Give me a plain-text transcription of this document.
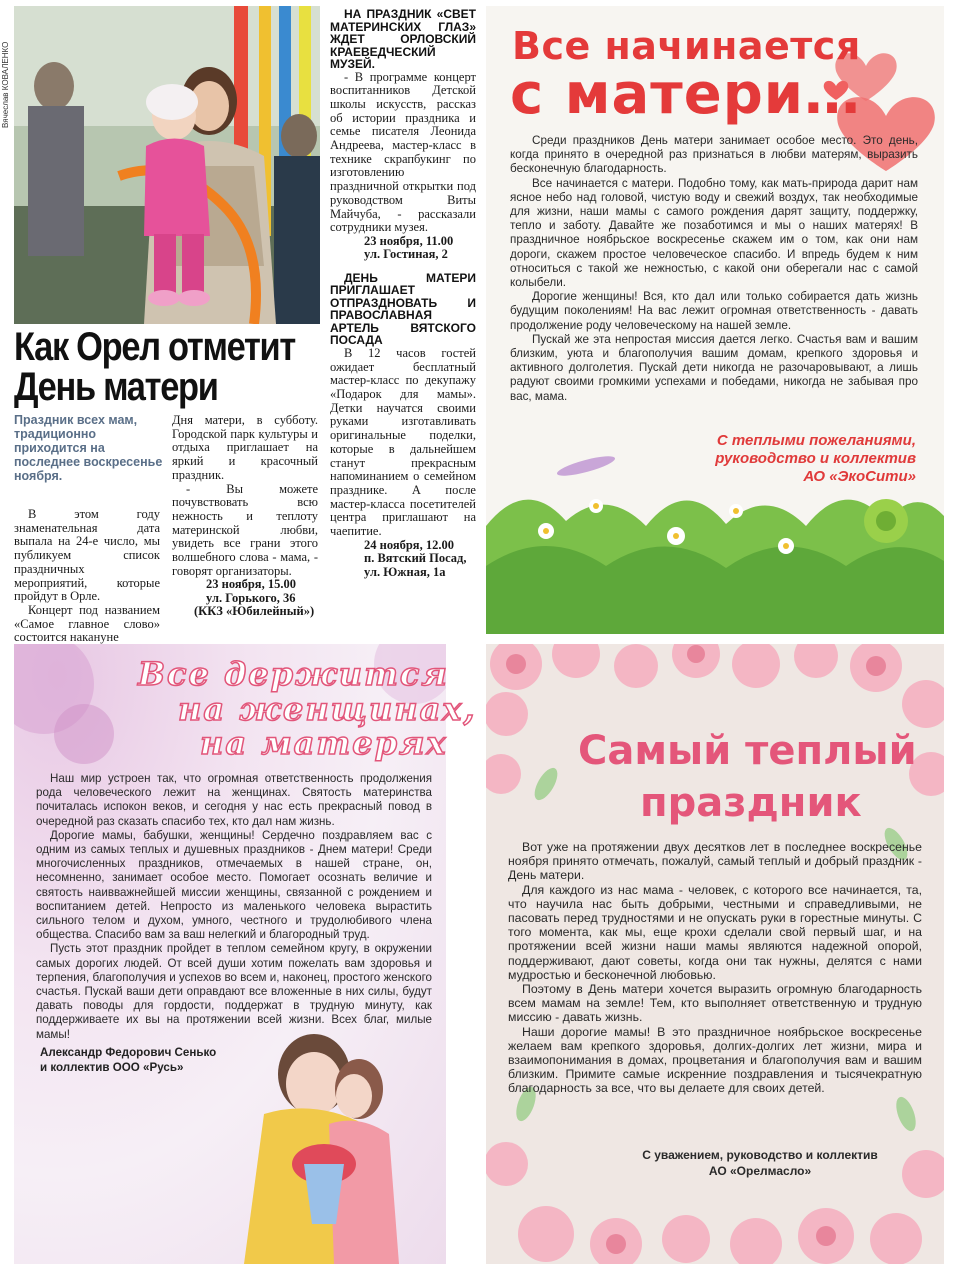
Вячеслав КОВАЛЕНКО
Как Орел отметит
День матери
Праздник всех мам, традиционно приходится на последнее воскресенье ноября.

В этом году знаменательная дата выпала на 24-е число, мы публикуем список праздничных мероприятий, которые пройдут в Орле.

Концерт под названием «Самое главное слово» состоится накануне

Дня матери, в субботу. Городской парк культуры и отдыха приглашает на яркий и красочный праздник.

- Вы можете почувствовать всю нежность и теплоту материнской любви, увидеть все грани этого волшебного слова - мама, - говорят организаторы.

23 ноября, 15.00

ул. Горького, 36

(ККЗ «Юбилейный»)

НА ПРАЗДНИК «СВЕТ МАТЕРИНСКИХ ГЛАЗ» ЖДЕТ ОРЛОВСКИЙ КРАЕВЕДЧЕСКИЙ МУЗЕЙ.

- В программе концерт воспитанников Детской школы искусств, рассказ об истории праздника и семье писателя Леонида Андреева, мастер-класс в технике скрапбукинг по изготовлению праздничной открытки под руководством Виты Майчуба, - рассказали сотрудники музея.

23 ноября, 11.00

ул. Гостиная, 2

ДЕНЬ МАТЕРИ ПРИГЛАШАЕТ ОТПРАЗДНОВАТЬ И ПРАВОСЛАВНАЯ АРТЕЛЬ ВЯТСКОГО ПОСАДА

В 12 часов гостей ожидает бесплатный мастер-класс по декупажу «Подарок для мамы». Детки научатся своими руками изготавливать оригинальные поделки, которые в дальнейшем станут прекрасным напоминанием о семейном празднике. А после мастер-класса посетителей центра приглашают на чаепитие.

24 ноября, 12.00

п. Вятский Посад,

ул. Южная, 1а

Все начинается
с матери…

Среди праздников День матери занимает особое место. Это день, когда принято в очередной раз признаться в любви матерям, выразить бесконечную благодарность.

Все начинается с матери. Подобно тому, как мать-природа дарит нам ясное небо над головой, чистую воду и свежий воздух, так необходимые для жизни, наши мамы с самого рождения дарят защиту, поддержку, тепло и заботу. Давайте же позаботимся и мы о наших матерях! В праздничное ноябрьское воскресенье скажем им о том, как они нам дороги, скажем простое человеческое спасибо. И впредь будем к ним относиться с такой же нежностью, с какой они оберегали нас с самой колыбели.

Дорогие женщины! Вся, кто дал или только собирается дать жизнь будущим поколениям! На вас лежит огромная ответственность - давать продолжение роду человеческому на нашей земле.

Пускай же эта непростая миссия дается легко. Счастья вам и вашим близким, уюта и благополучия вашим домам, крепкого здоровья и активного долголетия. Пускай дети никогда не разочаровывают, а лишь радуют своими громкими успехами и победами, никогда не забывая про вас, мама.

С теплыми пожеланиями,
руководство и коллектив
АО «ЭкоСити»
Все держится
на женщинах,
на матерях

Наш мир устроен так, что огромная ответственность продолжения рода человеческого лежит на женщинах. Святость материнства почиталась испокон веков, и сегодня у нас есть прекрасный повод в очередной раз сказать спасибо тех, кто дал нам жизнь.

Дорогие мамы, бабушки, женщины! Сердечно поздравляем вас с одним из самых теплых и душевных праздников - Днем матери! Среди многочисленных праздников, отмечаемых в нашей стране, он, несомненно, занимает особое место. Помогает осознать величие и святость наивважнейшей миссии женщины, связанной с рождением и воспитанием детей. Непросто из маленького человека вырастить сильного телом и духом, умного, честного и трудолюбивого члена общества. Спасибо вам за ваш нелегкий и благородный труд.

Пусть этот праздник пройдет в теплом семейном кругу, в окружении самых дорогих людей. От всей души хотим пожелать вам здоровья и терпения, благополучия и успехов во всем и, наконец, простого женского счастья. Пускай ваши дети оправдают все вложенные в них силы, будут давать поводы для гордости, поддержат в трудную минуту, как поддерживаете их вы на протяжении всей жизни. Всех благ, милые мамы!

Александр Федорович Сенько
и коллектив ООО «Русь»
Самый теплый
праздник

Вот уже на протяжении двух десятков лет в последнее воскресенье ноября принято отмечать, пожалуй, самый теплый и добрый праздник - День матери.

Для каждого из нас мама - человек, с которого все начинается, та, что научила нас быть добрыми, честными и справедливыми, не пасовать перед трудностями и не опускать руки в горестные минуты. С того момента, как мы, еще крохи сделали свой первый шаг, и на протяжении всей жизни наши мамы являются надежной опорой, поддерживают, дают советы, когда они так нужны, делятся с нами мудростью и бесконечной любовью.

Поэтому в День матери хочется выразить огромную благодарность всем мамам на земле! Тем, кто выполняет ответственную и трудную миссию - давать жизнь.

Наши дорогие мамы! В это праздничное ноябрьское воскресенье желаем вам крепкого здоровья, долгих-долгих лет жизни, мира и взаимопонимания в домах, процветания и благополучия вам и вашим близким. Примите самые искренние поздравления и тысячекратную благодарность за все, что вы делаете для своих детей.

С уважением, руководство и коллектив
АО «Орелмасло»
